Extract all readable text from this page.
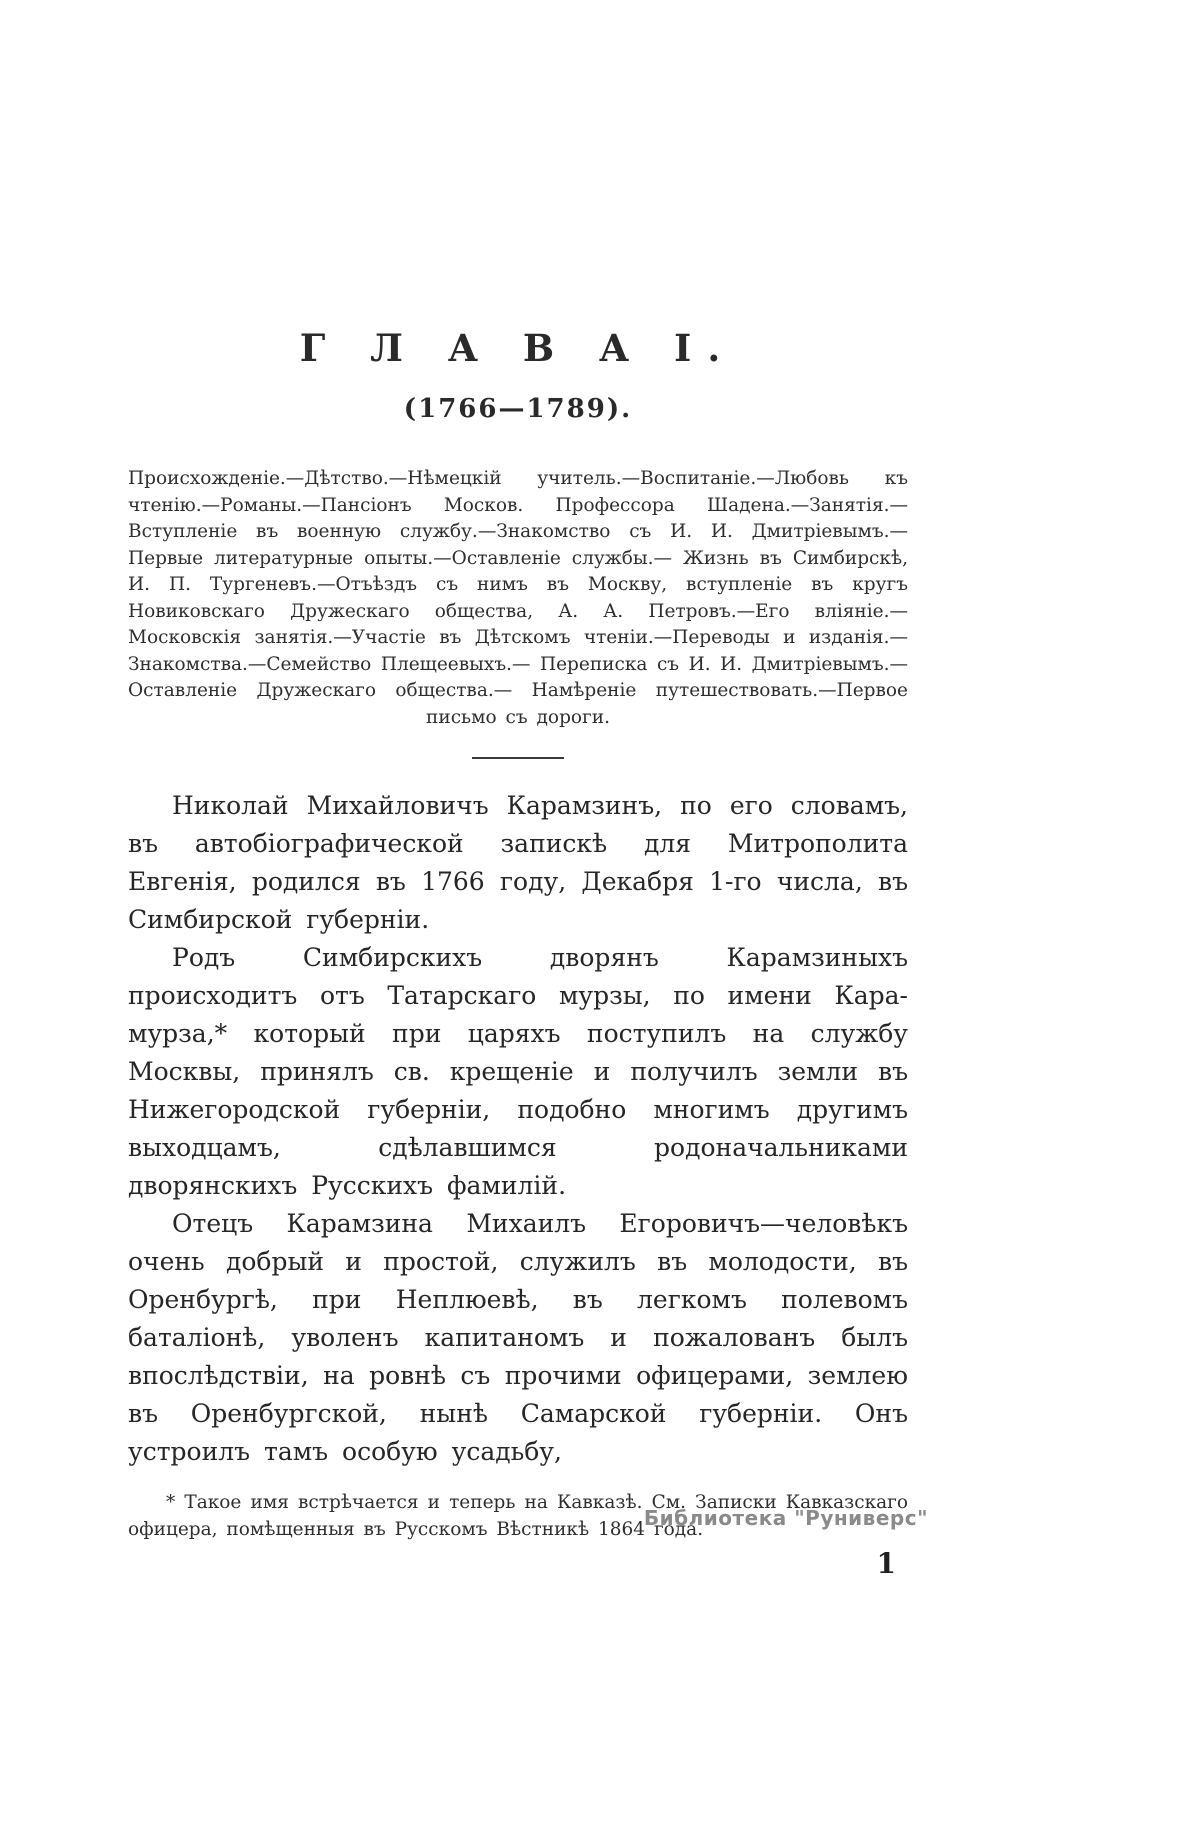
Г Л А В А I.
(1766—1789).
Происхожденіе.—Дѣтство.—Нѣмецкій учитель.—Воспитаніе.—Любовь къ чтенію.—Романы.—Пансіонъ Москов. Профессора Шадена.—Занятія.—Вступленіе въ военную службу.—Знакомство съ И. И. Дмитріевымъ.—Первые литературные опыты.—Оставленіе службы.— Жизнь въ Симбирскѣ, И. П. Тургеневъ.—Отъѣздъ съ нимъ въ Москву, вступленіе въ кругъ Новиковскаго Дружескаго общества, А. А. Петровъ.—Его вліяніе.—Московскія занятія.—Участіе въ Дѣтскомъ чтеніи.—Переводы и изданія.—Знакомства.—Семейство Плещеевыхъ.— Переписка съ И. И. Дмитріевымъ.—Оставленіе Дружескаго общества.— Намѣреніе путешествовать.—Первое письмо съ дороги.

Николай Михайловичъ Карамзинъ, по его словамъ, въ автобіографической запискѣ для Митрополита Евгенія, родился въ 1766 году, Декабря 1-го числа, въ Симбирской губерніи.

Родъ Симбирскихъ дворянъ Карамзиныхъ происходитъ отъ Татарскаго мурзы, по имени Кара-мурза,* который при царяхъ поступилъ на службу Москвы, принялъ св. крещеніе и получилъ земли въ Нижегородской губерніи, подобно многимъ другимъ выходцамъ, сдѣлавшимся родоначальниками дворянскихъ Русскихъ фамилій.

Отецъ Карамзина Михаилъ Егоровичъ—человѣкъ очень добрый и простой, служилъ въ молодости, въ Оренбургѣ, при Неплюевѣ, въ легкомъ полевомъ баталіонѣ, уволенъ капитаномъ и пожалованъ былъ впослѣдствіи, на ровнѣ съ прочими офицерами, землею въ Оренбургской, нынѣ Самарской губерніи. Онъ устроилъ тамъ особую усадьбу,

* Такое имя встрѣчается и теперь на Кавказѣ. См. Записки Кавказскаго офицера, помѣщенныя въ Русскомъ Вѣстникѣ 1864 года.
1
Библиотека "Руниверс"
